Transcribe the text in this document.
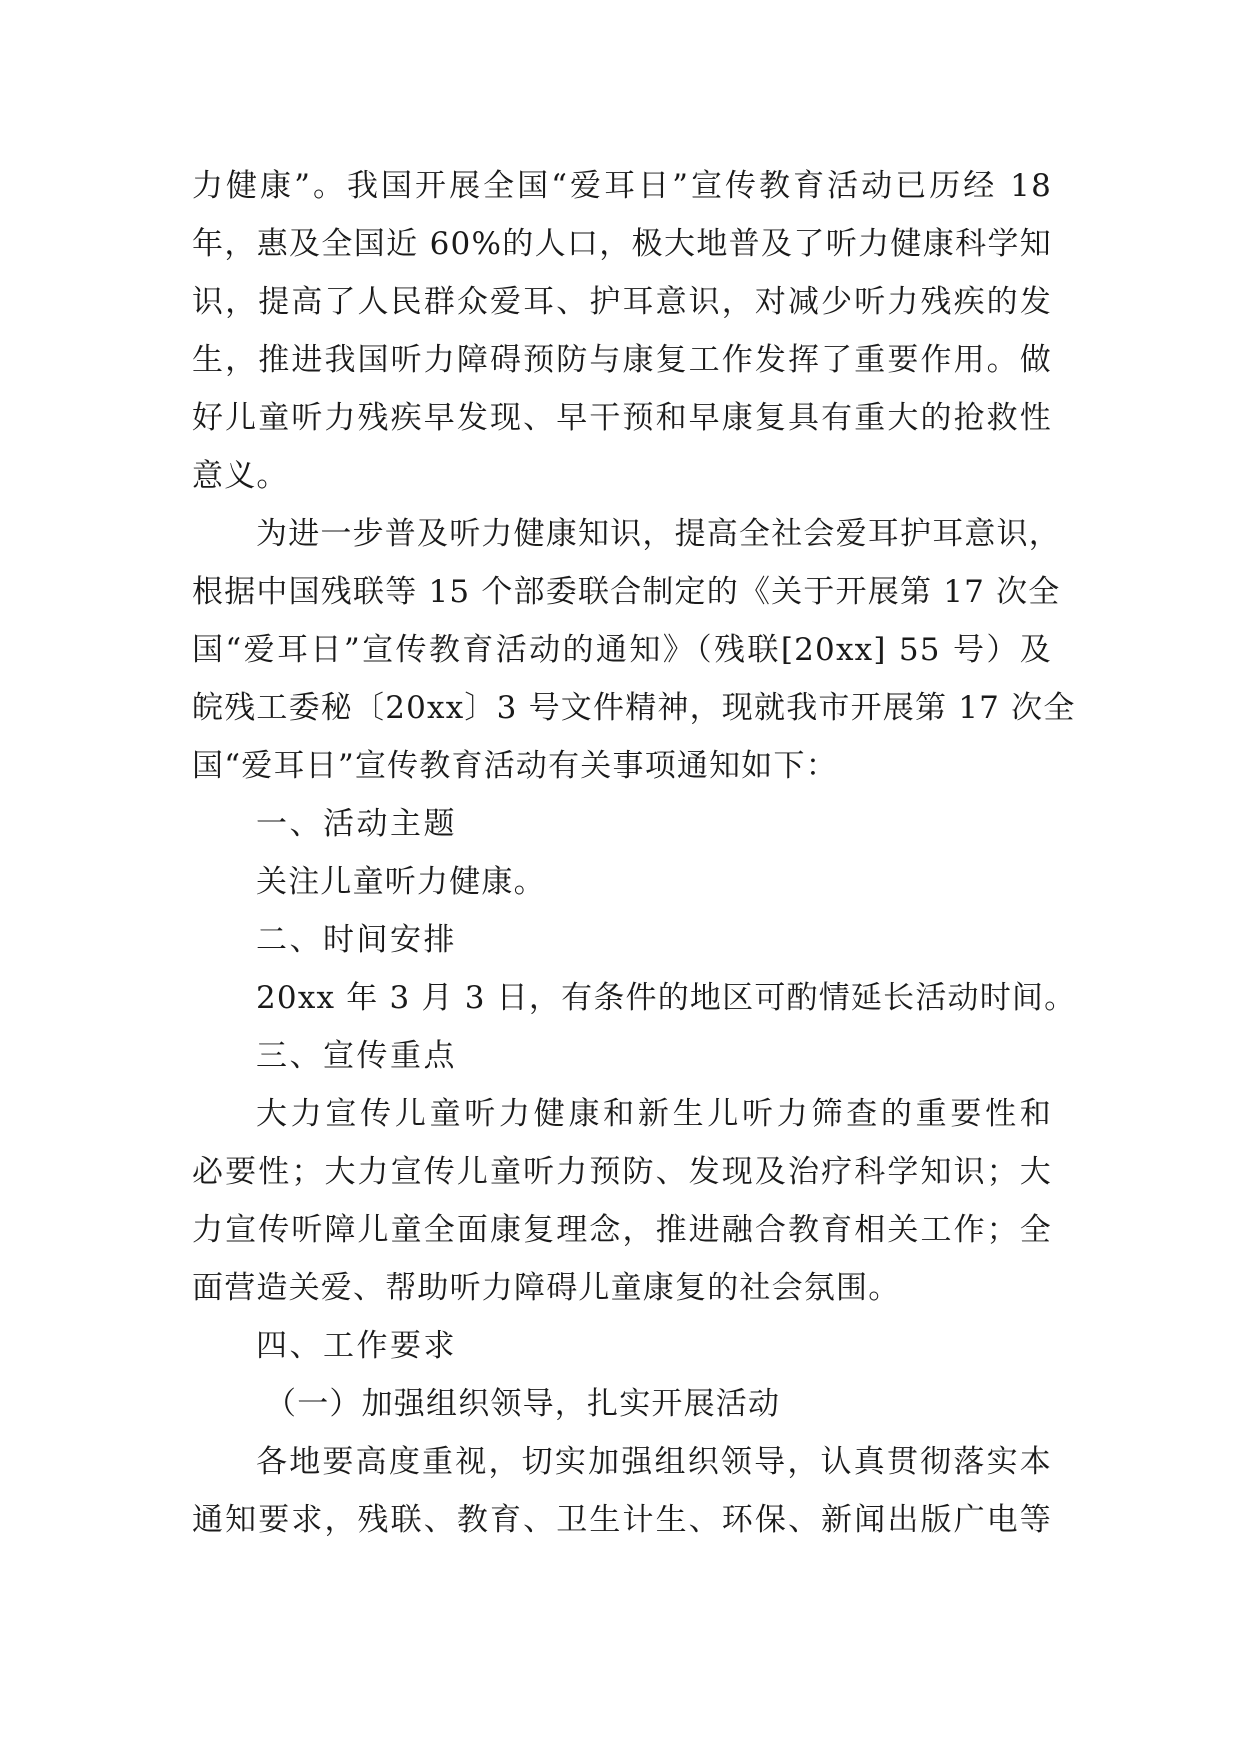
力健康”。我国开展全国“爱耳日”宣传教育活动已历经 18
年，惠及全国近 60%的人口，极大地普及了听力健康科学知
识，提高了人民群众爱耳、护耳意识，对减少听力残疾的发
生，推进我国听力障碍预防与康复工作发挥了重要作用。做
好儿童听力残疾早发现、早干预和早康复具有重大的抢救性
意义。
为进一步普及听力健康知识，提高全社会爱耳护耳意识，
根据中国残联等 15 个部委联合制定的《关于开展第 17 次全
国“爱耳日”宣传教育活动的通知》（残联[20xx] 55 号）及
皖残工委秘〔20xx〕3 号文件精神，现就我市开展第 17 次全
国“爱耳日”宣传教育活动有关事项通知如下：
一、活动主题
关注儿童听力健康。
二、时间安排
20xx 年 3 月 3 日，有条件的地区可酌情延长活动时间。
三、宣传重点
大力宣传儿童听力健康和新生儿听力筛查的重要性和
必要性；大力宣传儿童听力预防、发现及治疗科学知识；大
力宣传听障儿童全面康复理念，推进融合教育相关工作；全
面营造关爱、帮助听力障碍儿童康复的社会氛围。
四、工作要求
（一）加强组织领导，扎实开展活动
各地要高度重视，切实加强组织领导，认真贯彻落实本
通知要求，残联、教育、卫生计生、环保、新闻出版广电等
